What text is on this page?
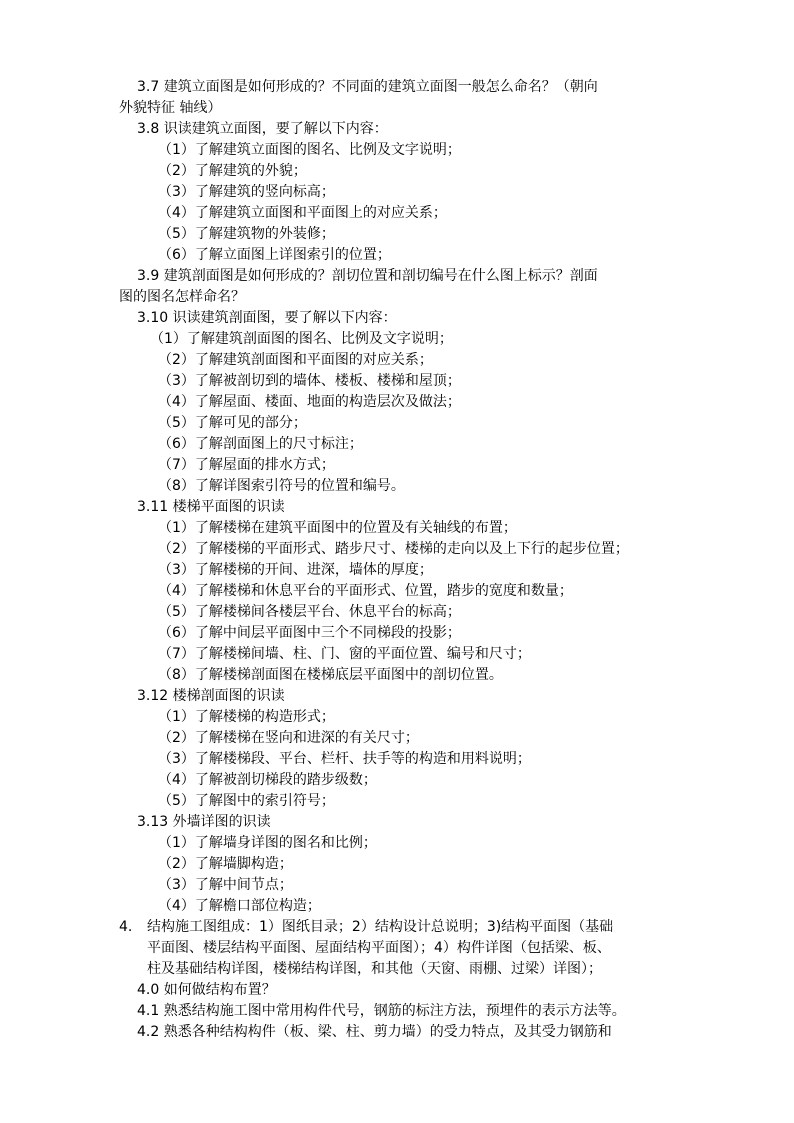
3.7 建筑立面图是如何形成的？不同面的建筑立面图一般怎么命名？（朝向
外貌特征 轴线）
3.8 识读建筑立面图，要了解以下内容：
（1）了解建筑立面图的图名、比例及文字说明；
（2）了解建筑的外貌；
（3）了解建筑的竖向标高；
（4）了解建筑立面图和平面图上的对应关系；
（5）了解建筑物的外装修；
（6）了解立面图上详图索引的位置；
3.9 建筑剖面图是如何形成的？剖切位置和剖切编号在什么图上标示？剖面
图的图名怎样命名？
3.10 识读建筑剖面图，要了解以下内容：
（1）了解建筑剖面图的图名、比例及文字说明；
（2）了解建筑剖面图和平面图的对应关系；
（3）了解被剖切到的墙体、楼板、楼梯和屋顶；
（4）了解屋面、楼面、地面的构造层次及做法；
（5）了解可见的部分；
（6）了解剖面图上的尺寸标注；
（7）了解屋面的排水方式；
（8）了解详图索引符号的位置和编号。
3.11 楼梯平面图的识读
（1）了解楼梯在建筑平面图中的位置及有关轴线的布置；
（2）了解楼梯的平面形式、踏步尺寸、楼梯的走向以及上下行的起步位置；
（3）了解楼梯的开间、进深，墙体的厚度；
（4）了解楼梯和休息平台的平面形式、位置，踏步的宽度和数量；
（5）了解楼梯间各楼层平台、休息平台的标高；
（6）了解中间层平面图中三个不同梯段的投影；
（7）了解楼梯间墙、柱、门、窗的平面位置、编号和尺寸；
（8）了解楼梯剖面图在楼梯底层平面图中的剖切位置。
3.12 楼梯剖面图的识读
（1）了解楼梯的构造形式；
（2）了解楼梯在竖向和进深的有关尺寸；
（3）了解楼梯段、平台、栏杆、扶手等的构造和用料说明；
（4）了解被剖切梯段的踏步级数；
（5）了解图中的索引符号；
3.13 外墙详图的识读
（1）了解墙身详图的图名和比例；
（2）了解墙脚构造；
（3）了解中间节点；
（4）了解檐口部位构造；
4. 结构施工图组成：1）图纸目录；2）结构设计总说明；3)结构平面图（基础
平面图、楼层结构平面图、屋面结构平面图）；4）构件详图（包括梁、板、
柱及基础结构详图，楼梯结构详图，和其他（天窗、雨棚、过梁）详图）；
4.0 如何做结构布置？
4.1 熟悉结构施工图中常用构件代号，钢筋的标注方法，预埋件的表示方法等。
4.2 熟悉各种结构构件（板、梁、柱、剪力墙）的受力特点，及其受力钢筋和
